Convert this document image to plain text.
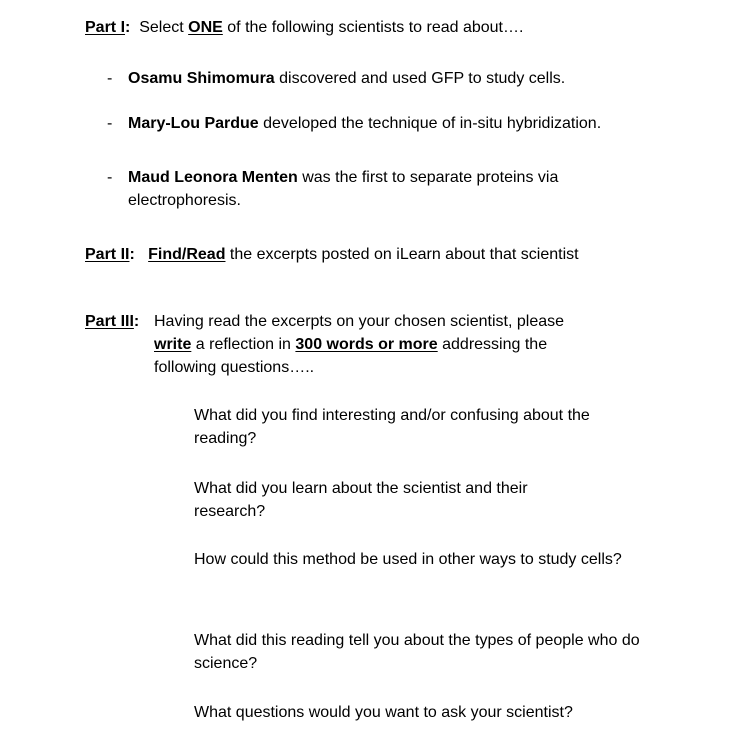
Part I: Select ONE of the following scientists to read about….
- Osamu Shimomura discovered and used GFP to study cells.
- Mary-Lou Pardue developed the technique of in-situ hybridization.
- Maud Leonora Menten was the first to separate proteins via electrophoresis.
Part II: Find/Read the excerpts posted on iLearn about that scientist
Part III: Having read the excerpts on your chosen scientist, please
write a reflection in 300 words or more addressing the
following questions…..
What did you find interesting and/or confusing about the reading?
What did you learn about the scientist and their research?
How could this method be used in other ways to study cells?
What did this reading tell you about the types of people who do science?
What questions would you want to ask your scientist?
